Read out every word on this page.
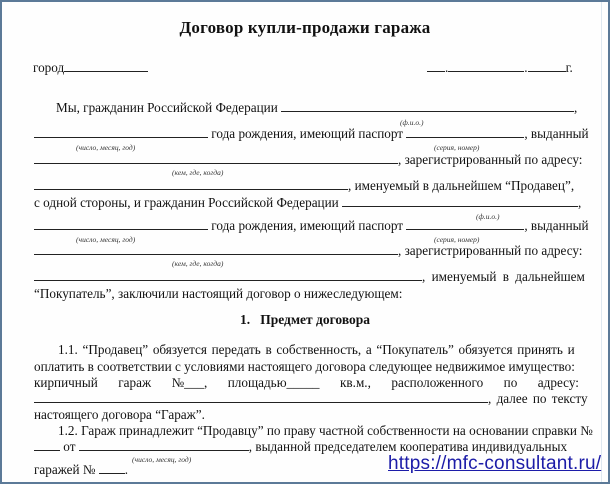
Договор купли-продажи гаража
город	.	.	г.
Мы, гражданин Российской Федерации	,
(ф.и.о.)
года рождения, имеющий паспорт	, выданный
(число, месяц, год)	(серия, номер)
, зарегистрированный по адресу:
(кем, где, когда)
, именуемый в дальнейшем “Продавец”,
с одной стороны, и гражданин Российской Федерации	,
(ф.и.о.)
года рождения, имеющий паспорт	, выданный
(число, месяц, год)	(серия, номер)
, зарегистрированный по адресу:
(кем, где, когда)
, именуемый в дальнейшем
“Покупатель”, заключили настоящий договор о нижеследующем:
1.   Предмет договора
1.1. “Продавец” обязуется передать в собственность, а “Покупатель” обязуется принять и
оплатить в соответствии с условиями настоящего договора следующее недвижимое имущество:
кирпичный гараж №___, площадью_____ кв.м., расположенного по адресу:
, далее по тексту
настоящего договора “Гараж”.
1.2. Гараж принадлежит “Продавцу” по праву частной собственности на основании справки №
от	, выданной председателем кооператива индивидуальных
(число, месяц, год)
гаражей № .	https://mfc-consultant.ru/
